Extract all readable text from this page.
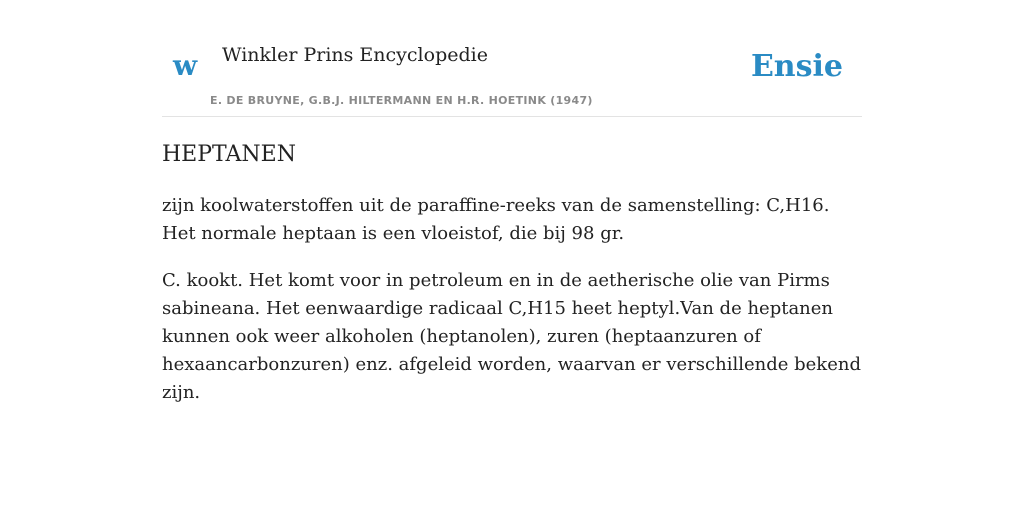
w Winkler Prins Encyclopedie
E. DE BRUYNE, G.B.J. HILTERMANN EN H.R. HOETINK (1947)
Ensie
HEPTANEN

zijn koolwaterstoffen uit de paraffine-reeks van de samenstelling: C,H16. Het normale heptaan is een vloeistof, die bij 98 gr.

C. kookt. Het komt voor in petroleum en in de aetherische olie van Pirms sabineana. Het eenwaardige radicaal C,H15 heet heptyl.Van de heptanen kunnen ook weer alkoholen (heptanolen), zuren (heptaanzuren of hexaancarbonzuren) enz. afgeleid worden, waarvan er verschillende bekend zijn.
